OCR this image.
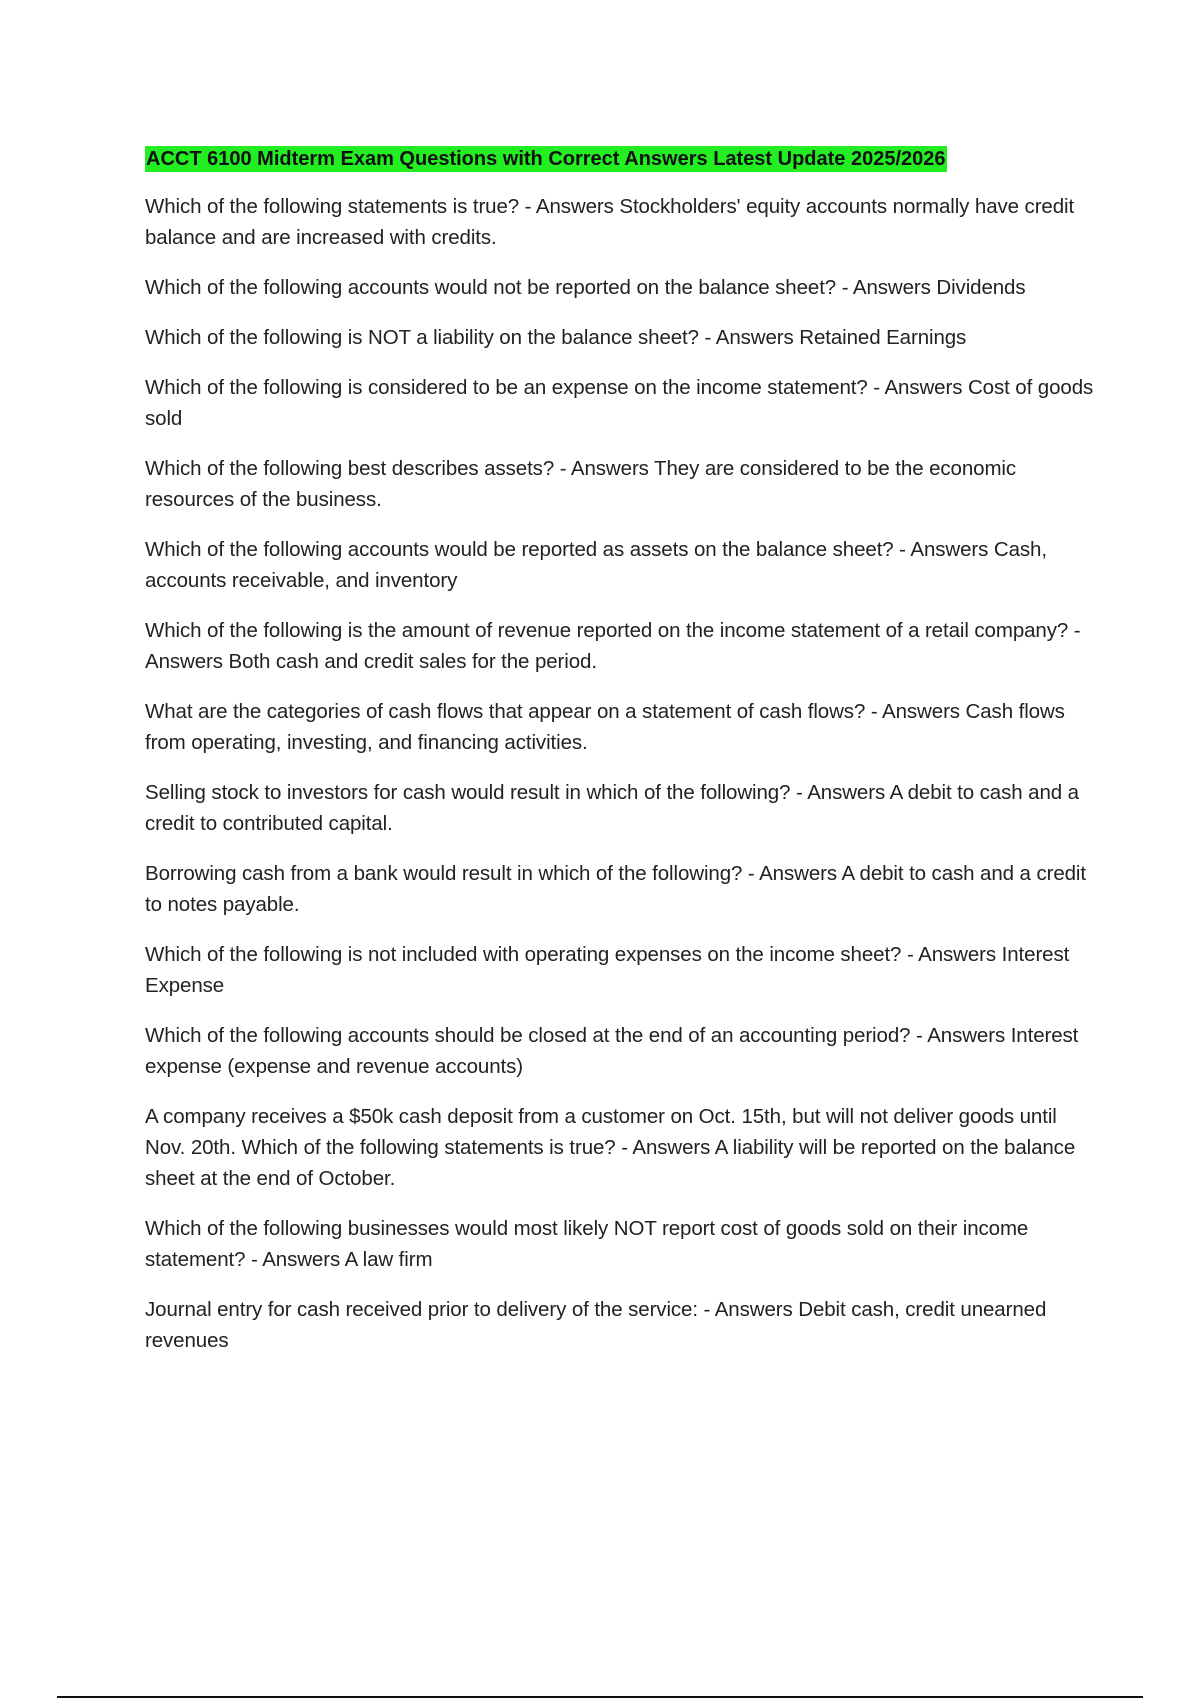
ACCT 6100 Midterm Exam Questions with Correct Answers Latest Update 2025/2026

Which of the following statements is true? - Answers Stockholders' equity accounts normally have credit balance and are increased with credits.

Which of the following accounts would not be reported on the balance sheet? - Answers Dividends

Which of the following is NOT a liability on the balance sheet? - Answers Retained Earnings

Which of the following is considered to be an expense on the income statement? - Answers Cost of goods sold

Which of the following best describes assets? - Answers They are considered to be the economic resources of the business.

Which of the following accounts would be reported as assets on the balance sheet? - Answers Cash, accounts receivable, and inventory

Which of the following is the amount of revenue reported on the income statement of a retail company? - Answers Both cash and credit sales for the period.

What are the categories of cash flows that appear on a statement of cash flows? - Answers Cash flows from operating, investing, and financing activities.

Selling stock to investors for cash would result in which of the following? - Answers A debit to cash and a credit to contributed capital.

Borrowing cash from a bank would result in which of the following? - Answers A debit to cash and a credit to notes payable.

Which of the following is not included with operating expenses on the income sheet? - Answers Interest Expense

Which of the following accounts should be closed at the end of an accounting period? - Answers Interest expense (expense and revenue accounts)

A company receives a $50k cash deposit from a customer on Oct. 15th, but will not deliver goods until Nov. 20th. Which of the following statements is true? - Answers A liability will be reported on the balance sheet at the end of October.

Which of the following businesses would most likely NOT report cost of goods sold on their income statement? - Answers A law firm

Journal entry for cash received prior to delivery of the service: - Answers Debit cash, credit unearned revenues
